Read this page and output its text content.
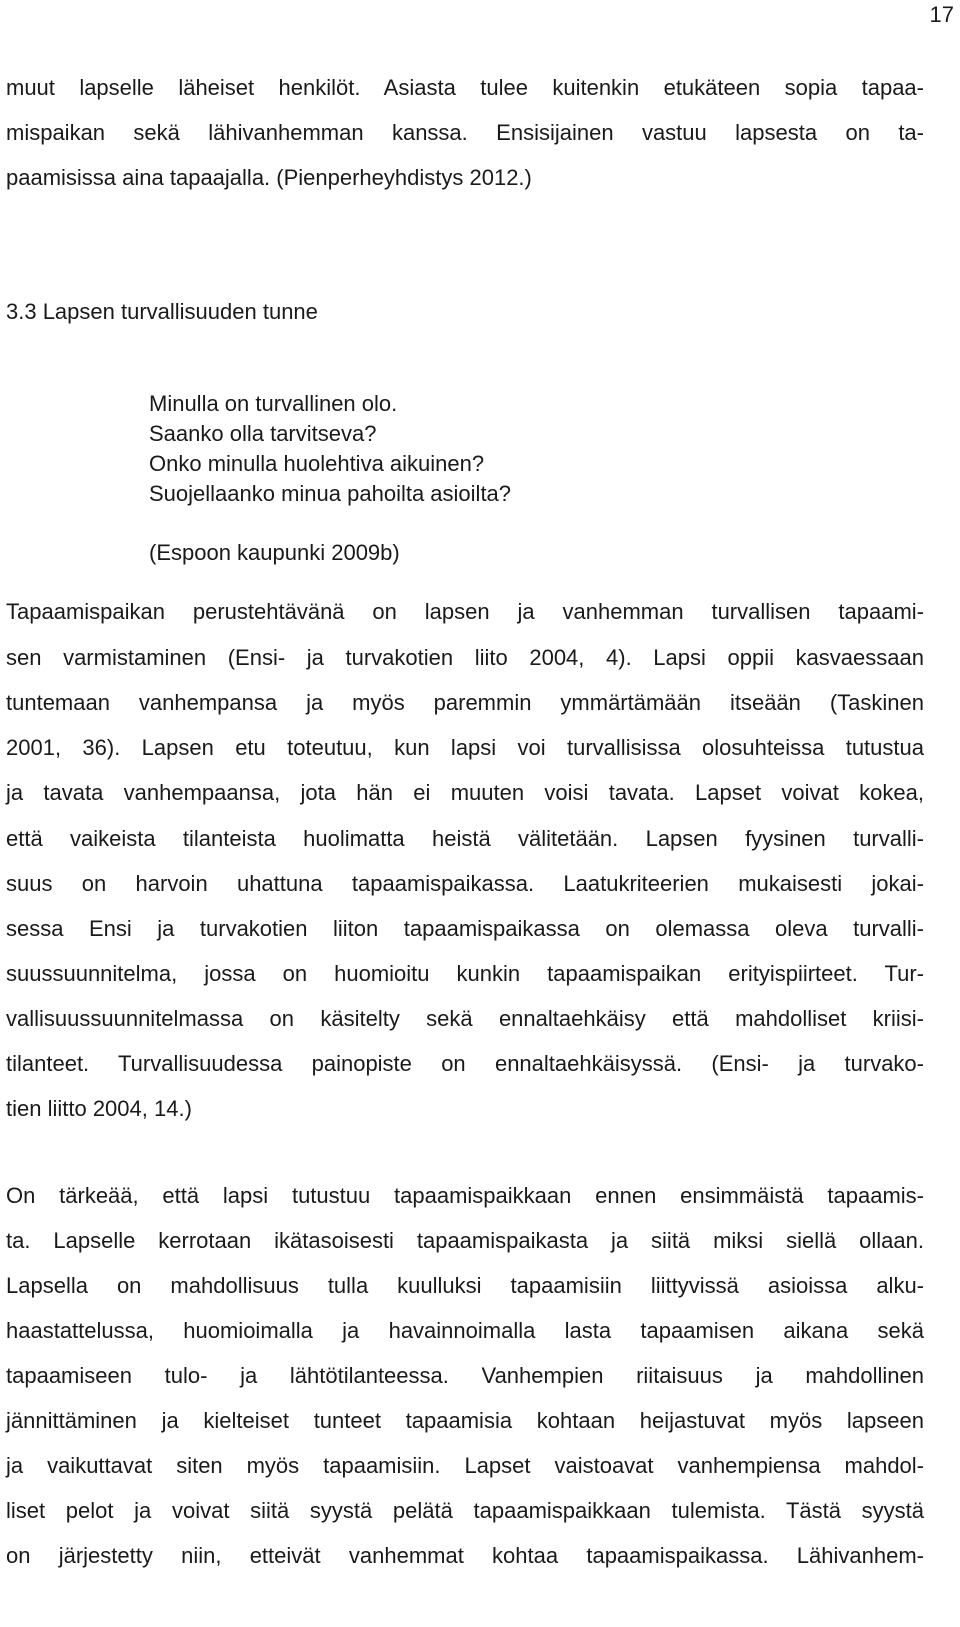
17
muut lapselle läheiset henkilöt. Asiasta tulee kuitenkin etukäteen sopia tapaa-
mispaikan sekä lähivanhemman kanssa. Ensisijainen vastuu lapsesta on ta-
paamisissa aina tapaajalla. (Pienperheyhdistys 2012.)
3.3 Lapsen turvallisuuden tunne
Minulla on turvallinen olo.
Saanko olla tarvitseva?
Onko minulla huolehtiva aikuinen?
Suojellaanko minua pahoilta asioilta?
(Espoon kaupunki 2009b)
Tapaamispaikan perustehtävänä on lapsen ja vanhemman turvallisen tapaami-
sen varmistaminen (Ensi- ja turvakotien liito 2004, 4). Lapsi oppii kasvaessaan
tuntemaan vanhempansa ja myös paremmin ymmärtämään itseään (Taskinen
2001, 36). Lapsen etu toteutuu, kun lapsi voi turvallisissa olosuhteissa tutustua
ja tavata vanhempaansa, jota hän ei muuten voisi tavata. Lapset voivat kokea,
että vaikeista tilanteista huolimatta heistä välitetään. Lapsen fyysinen turvalli-
suus on harvoin uhattuna tapaamispaikassa. Laatukriteerien mukaisesti jokai-
sessa Ensi ja turvakotien liiton tapaamispaikassa on olemassa oleva turvalli-
suussuunnitelma, jossa on huomioitu kunkin tapaamispaikan erityispiirteet. Tur-
vallisuussuunnitelmassa on käsitelty sekä ennaltaehkäisy että mahdolliset kriisi-
tilanteet. Turvallisuudessa painopiste on ennaltaehkäisyssä. (Ensi- ja turvako-
tien liitto 2004, 14.)
On tärkeää, että lapsi tutustuu tapaamispaikkaan ennen ensimmäistä tapaamis-
ta. Lapselle kerrotaan ikätasoisesti tapaamispaikasta ja siitä miksi siellä ollaan.
Lapsella on mahdollisuus tulla kuulluksi tapaamisiin liittyvissä asioissa alku-
haastattelussa, huomioimalla ja havainnoimalla lasta tapaamisen aikana sekä
tapaamiseen tulo- ja lähtötilanteessa. Vanhempien riitaisuus ja mahdollinen
jännittäminen ja kielteiset tunteet tapaamisia kohtaan heijastuvat myös lapseen
ja vaikuttavat siten myös tapaamisiin. Lapset vaistoavat vanhempiensa mahdol-
liset pelot ja voivat siitä syystä pelätä tapaamispaikkaan tulemista. Tästä syystä
on järjestetty niin, etteivät vanhemmat kohtaa tapaamispaikassa. Lähivanhem-
